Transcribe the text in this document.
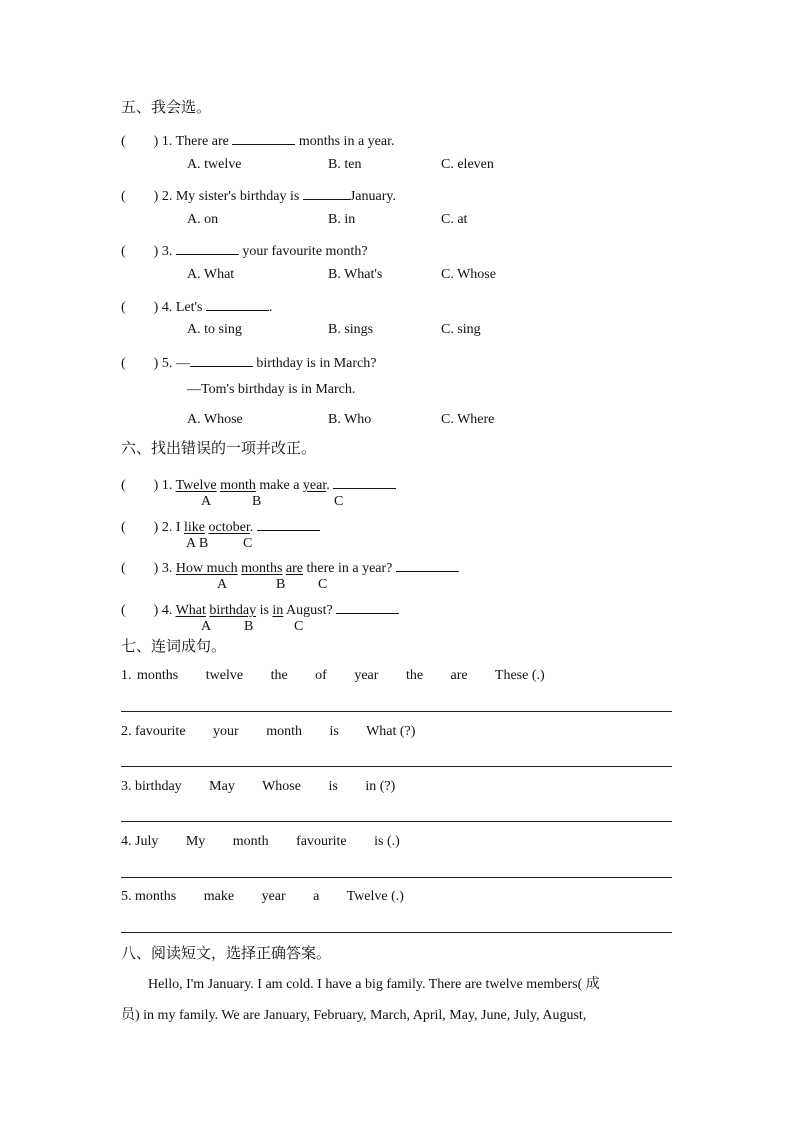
五、我会选。
( ) 1. There are	months in a year.
A. twelve	B. ten	C. eleven
( ) 2. My sister's birthday is	January.
A. on	B. in	C. at
( ) 3.	your favourite month?
A. What	B. What's	C. Whose
( ) 4. Let's	.
A. to sing	B. sings	C. sing
( ) 5. —	birthday is in March?
—Tom's birthday is in March.
A. Whose	B. Who	C. Where
六、找出错误的一项并改正。
( ) 1. Twelve month make a year.
A	B	C
( ) 2. I like october.
A B C
( ) 3. How much months are there in a year?
A	B C
( ) 4. What birthday is in August?
A B	C
七、连词成句。
1. months twelve the of year the are These (.)
2. favourite your month is What (?)
3. birthday May Whose is in (?)
4. July My month favourite is (.)
5. months make year a Twelve (.)
八、阅读短文，选择正确答案。
Hello, I'm January. I am cold. I have a big family. There are twelve members( 成
员) in my family. We are January, February, March, April, May, June, July, August,
